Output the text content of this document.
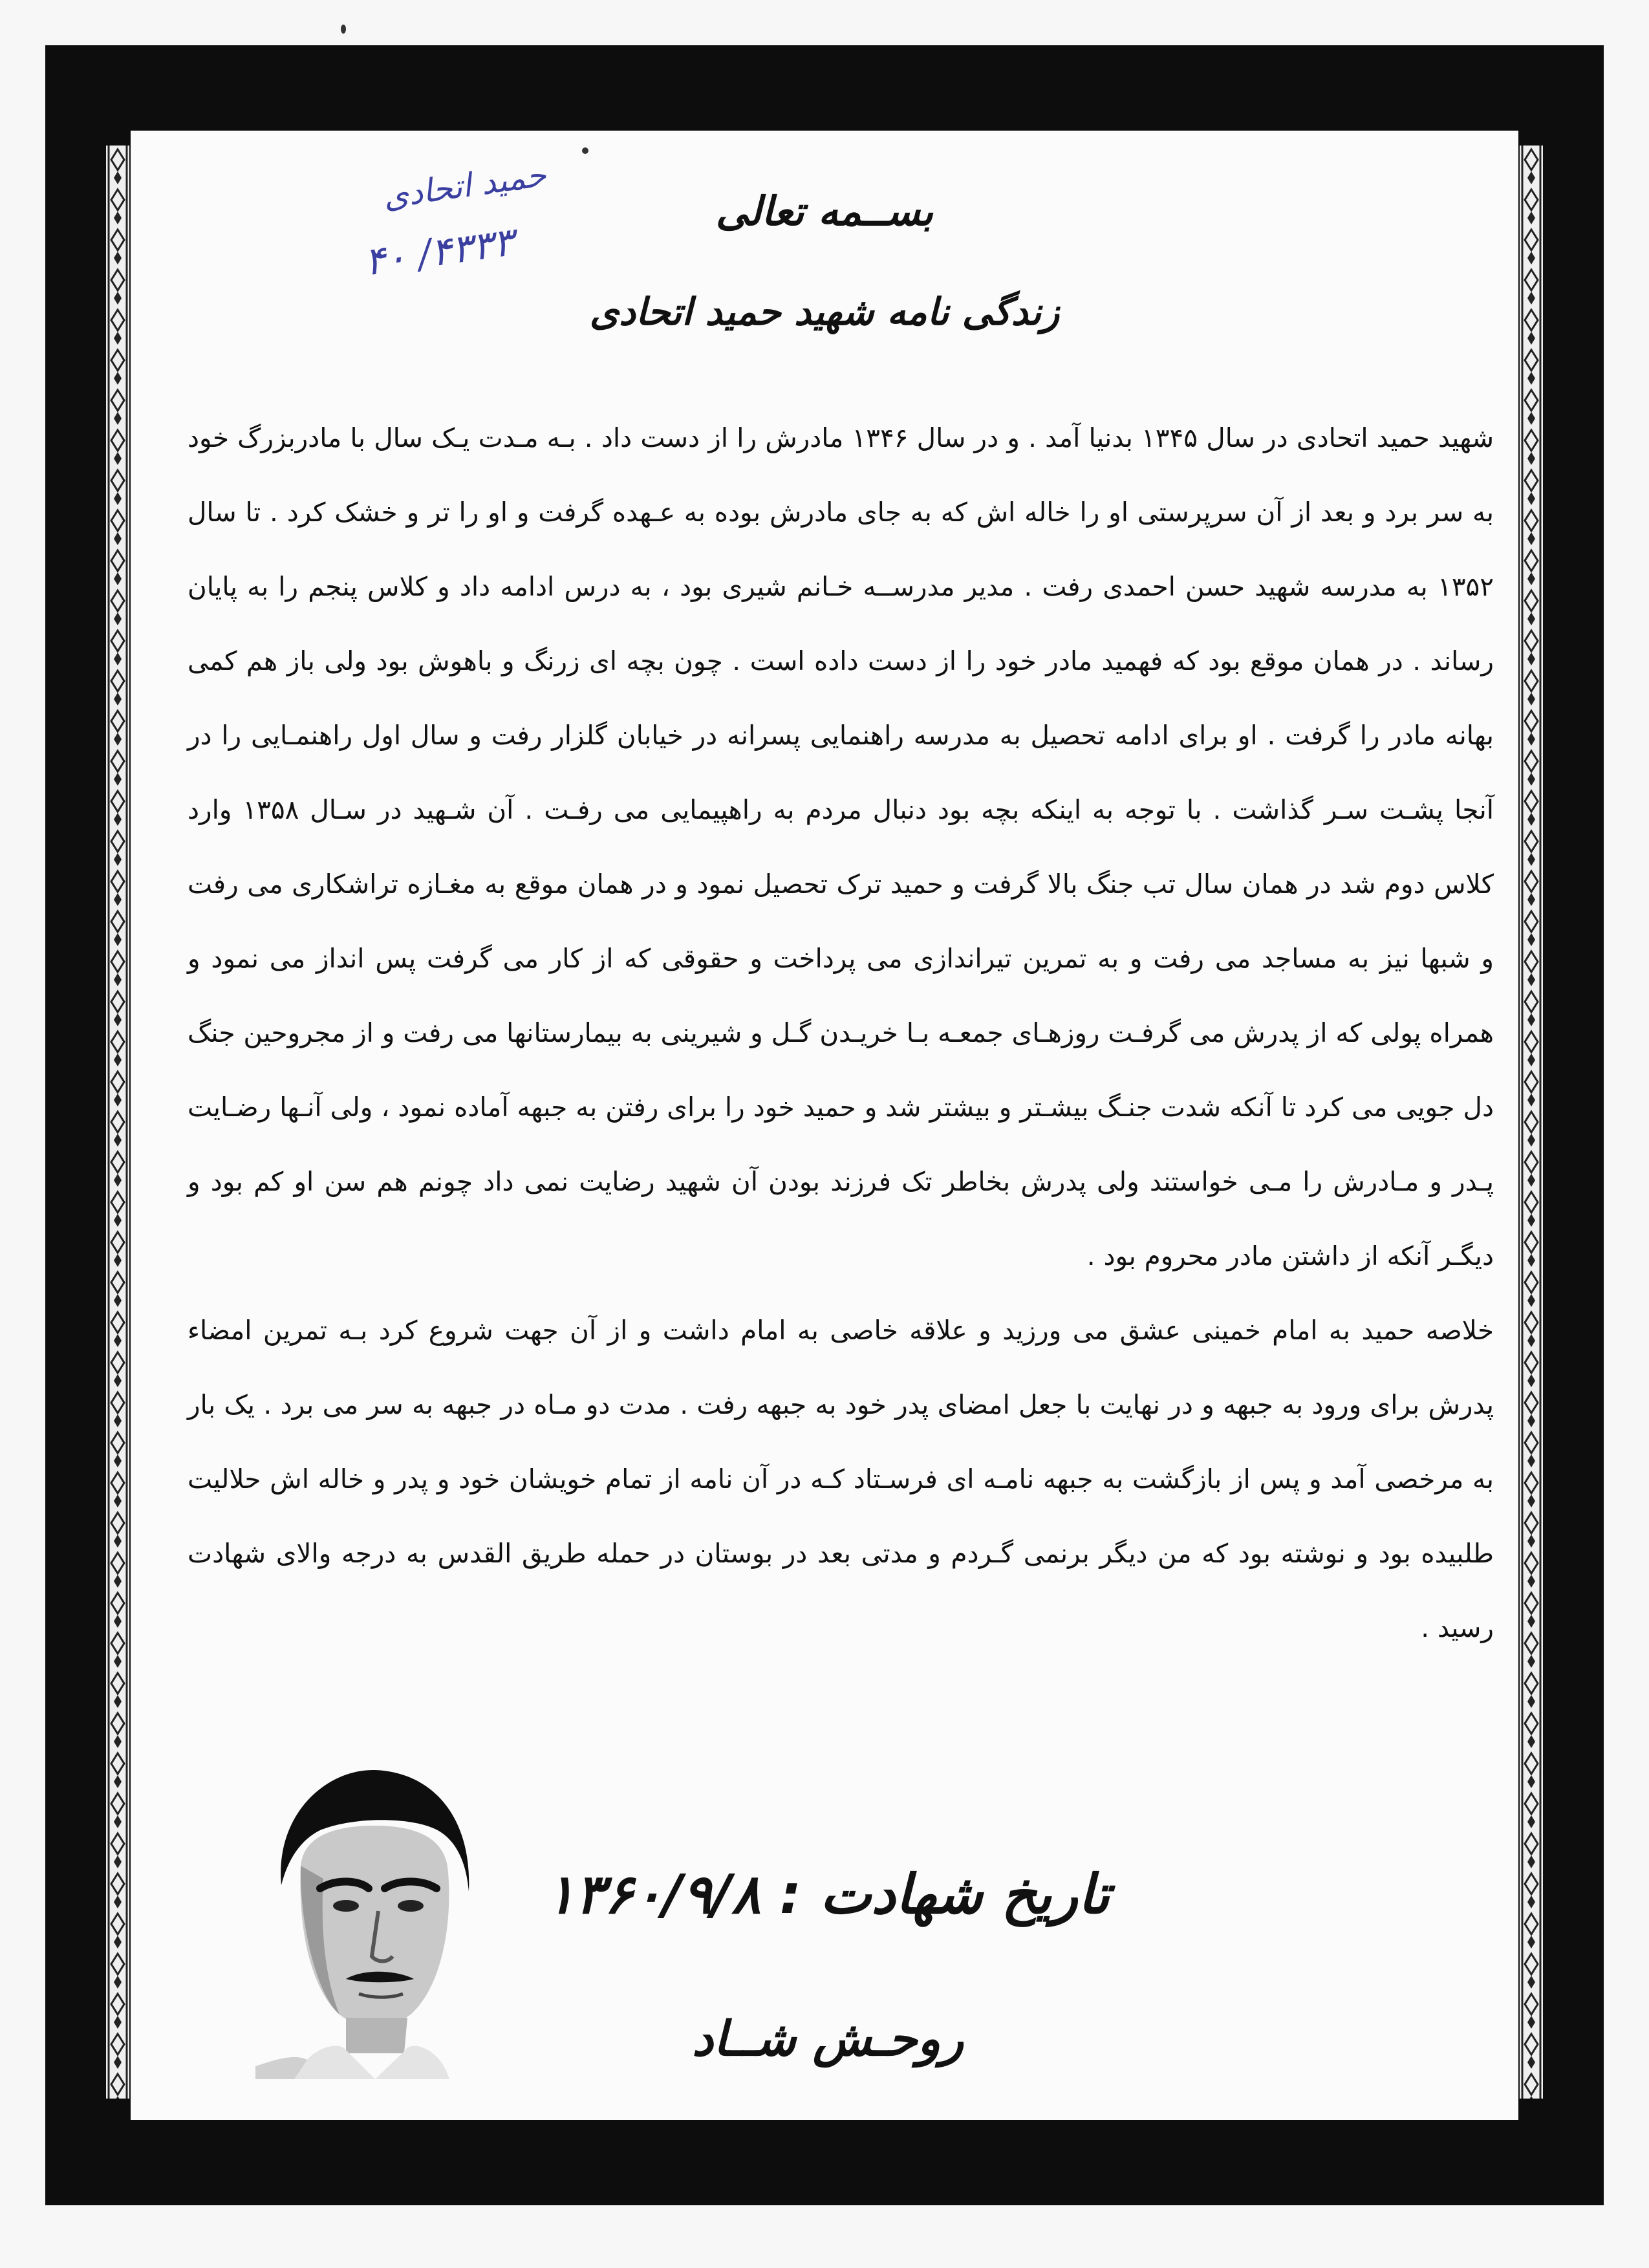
حمید اتحادی
۴۳۳۳/ ۴۰
بســمه تعالی
زندگی نامه شهید حمید اتحادی

شهید حمید اتحادی در سال ۱۳۴۵ بدنیا آمد . و در سال ۱۳۴۶ مادرش را از دست داد . بـه مـدت یـک سال با مادربزرگ خود به سر برد و بعد از آن سرپرستی او را خاله اش که به جای مادرش بوده به عـهده گرفت و او را تر و خشک کرد . تا سال ۱۳۵۲ به مدرسه شهید حسن احمدی رفت . مدیر مدرســه خـانم شیری بود ، به درس ادامه داد و کلاس پنجم را به پایان رساند . در همان موقع بود که فهمید مادر خود را از دست داده است . چون بچه ای زرنگ و باهوش بود ولی باز هم کمی بهانه مادر را گرفت . او برای ادامه تحصیل به مدرسه راهنمایی پسرانه در خیابان گلزار رفت و سال اول راهنمـایی را در آنجا پشـت سـر گذاشت . با توجه به اینکه بچه بود دنبال مردم به راهپیمایی می رفـت . آن شـهید در سـال ۱۳۵۸ وارد کلاس دوم شد در همان سال تب جنگ بالا گرفت و حمید ترک تحصیل نمود و در همان موقع به مغـازه تراشکاری می رفت و شبها نیز به مساجد می رفت و به تمرین تیراندازی می پرداخت و حقوقی که از کار می گرفت پس انداز می نمود و همراه پولی که از پدرش می گرفـت روزهـای جمعـه بـا خریـدن گـل و شیرینی به بیمارستانها می رفت و از مجروحین جنگ دل جویی می کرد تا آنکه شدت جنـگ بیشـتر و بیشتر شد و حمید خود را برای رفتن به جبهه آماده نمود ، ولی آنـها رضـایت پـدر و مـادرش را مـی خواستند ولی پدرش بخاطر تک فرزند بودن آن شهید رضایت نمی داد چونم هم سن او کم بود و دیگـر آنکه از داشتن مادر محروم بود .

خلاصه حمید به امام خمینی عشق می ورزید و علاقه خاصی به امام داشت و از آن جهت شروع کرد بـه تمرین امضاء پدرش برای ورود به جبهه و در نهایت با جعل امضای پدر خود به جبهه رفت . مدت دو مـاه در جبهه به سر می برد . یک بار به مرخصی آمد و پس از بازگشت به جبهه نامـه ای فرسـتاد کـه در آن نامه از تمام خویشان خود و پدر و خاله اش حلالیت طلبیده بود و نوشته بود که من دیگر برنمی گـردم و مدتی بعد در بوستان در حمله طریق القدس به درجه والای شهادت رسید .

تاریخ شهادت : ۱۳۶۰/۹/۸
روحـش شــاد
